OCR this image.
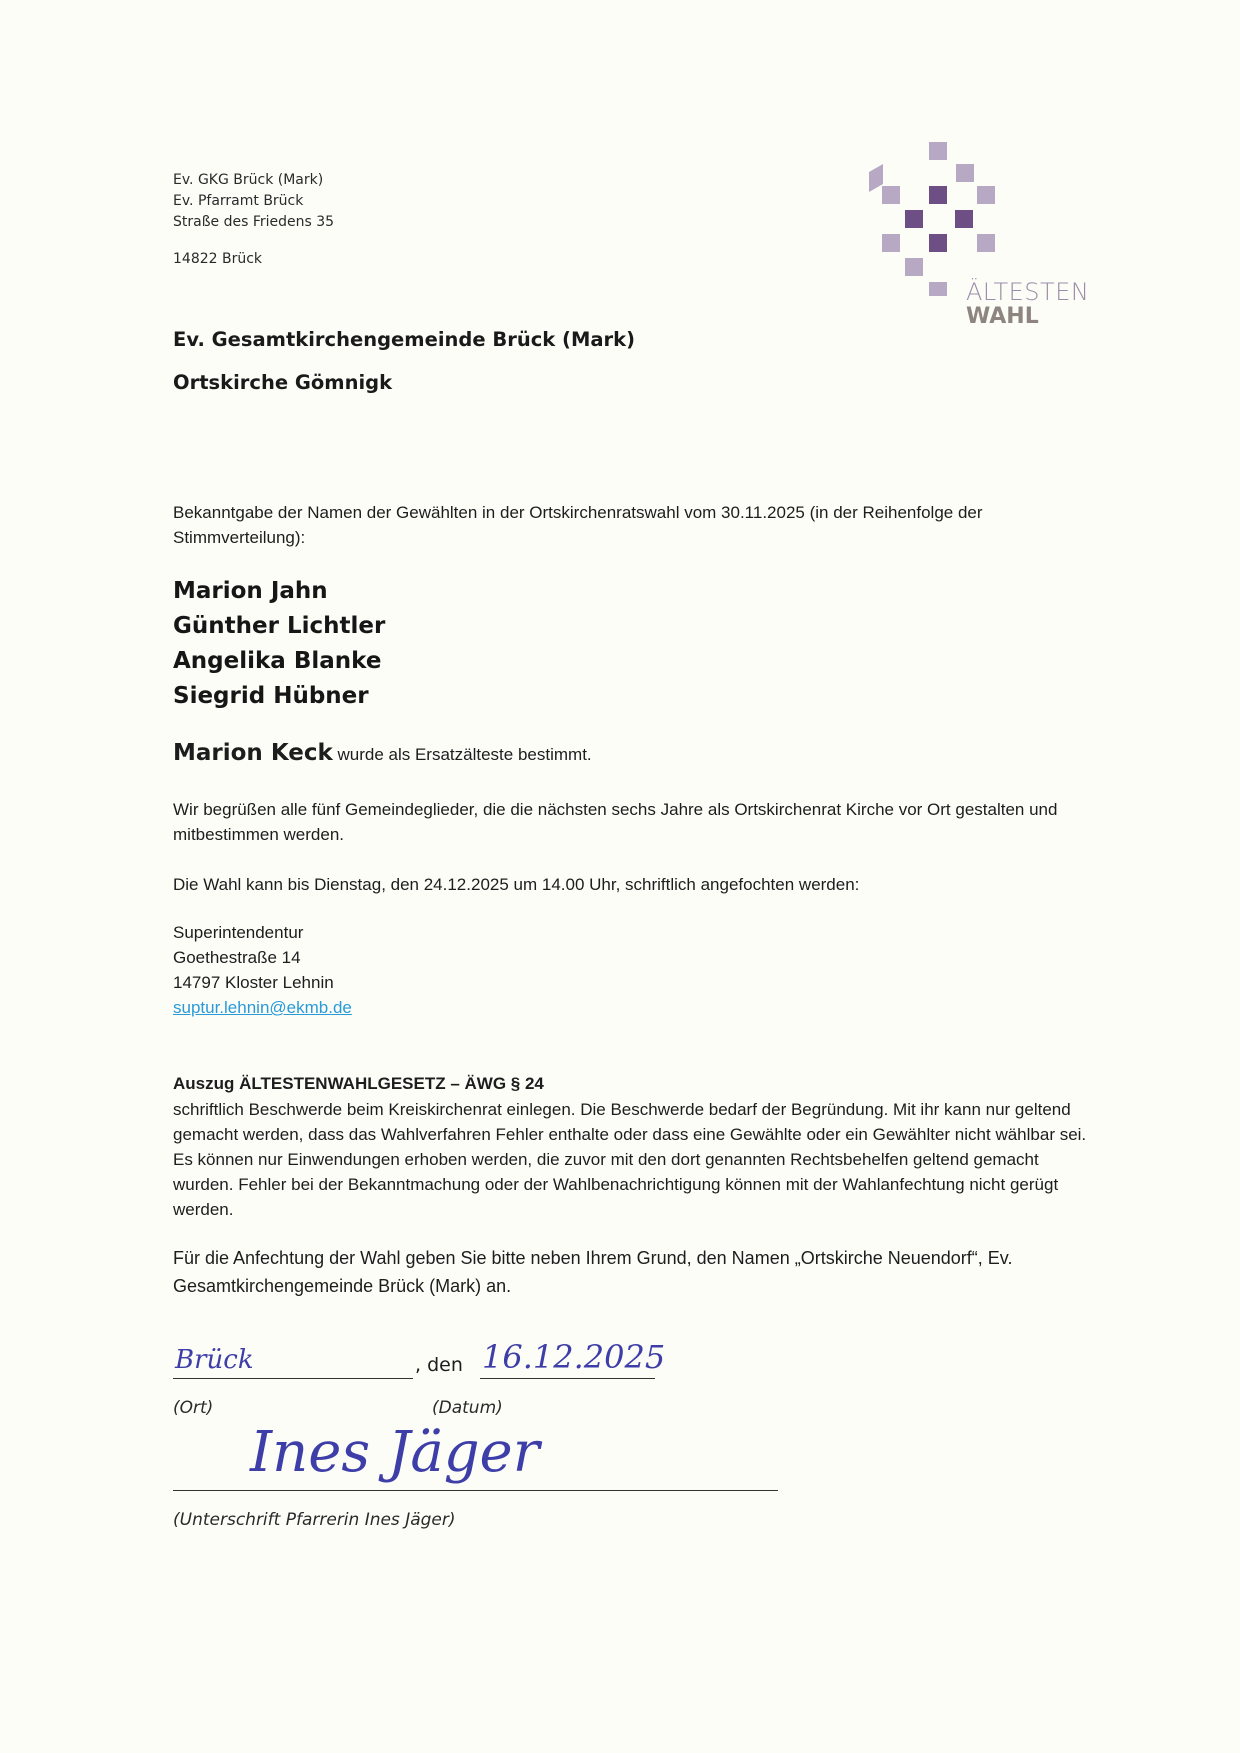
Ev. GKG Brück (Mark)
Ev. Pfarramt Brück
Straße des Friedens 35
14822 Brück
ÄLTESTEN
WAHL
Ev. Gesamtkirchengemeinde Brück (Mark)
Ortskirche Gömnigk
Bekanntgabe der Namen der Gewählten in der Ortskirchenratswahl vom 30.11.2025 (in der Reihenfolge der Stimmverteilung):
Marion Jahn
Günther Lichtler
Angelika Blanke
Siegrid Hübner
Marion Keck wurde als Ersatzälteste bestimmt.
Wir begrüßen alle fünf Gemeindeglieder, die die nächsten sechs Jahre als Ortskirchenrat Kirche vor Ort gestalten und mitbestimmen werden.
Die Wahl kann bis Dienstag, den 24.12.2025 um 14.00 Uhr, schriftlich angefochten werden:
Superintendentur
Goethestraße 14
14797 Kloster Lehnin
suptur.lehnin@ekmb.de
Auszug ÄLTESTENWAHLGESETZ – ÄWG § 24
schriftlich Beschwerde beim Kreiskirchenrat einlegen. Die Beschwerde bedarf der Begründung. Mit ihr kann nur geltend gemacht werden, dass das Wahlverfahren Fehler enthalte oder dass eine Gewählte oder ein Gewählter nicht wählbar sei. Es können nur Einwendungen erhoben werden, die zuvor mit den dort genannten Rechtsbehelfen geltend gemacht wurden. Fehler bei der Bekanntmachung oder der Wahlbenachrichtigung können mit der Wahlanfechtung nicht gerügt werden.
Für die Anfechtung der Wahl geben Sie bitte neben Ihrem Grund, den Namen „Ortskirche Neuendorf“, Ev. Gesamtkirchengemeinde Brück (Mark) an.
Brück	, den 16.12.2025
(Ort)	(Datum)
Ines Jäger
(Unterschrift Pfarrerin Ines Jäger)
